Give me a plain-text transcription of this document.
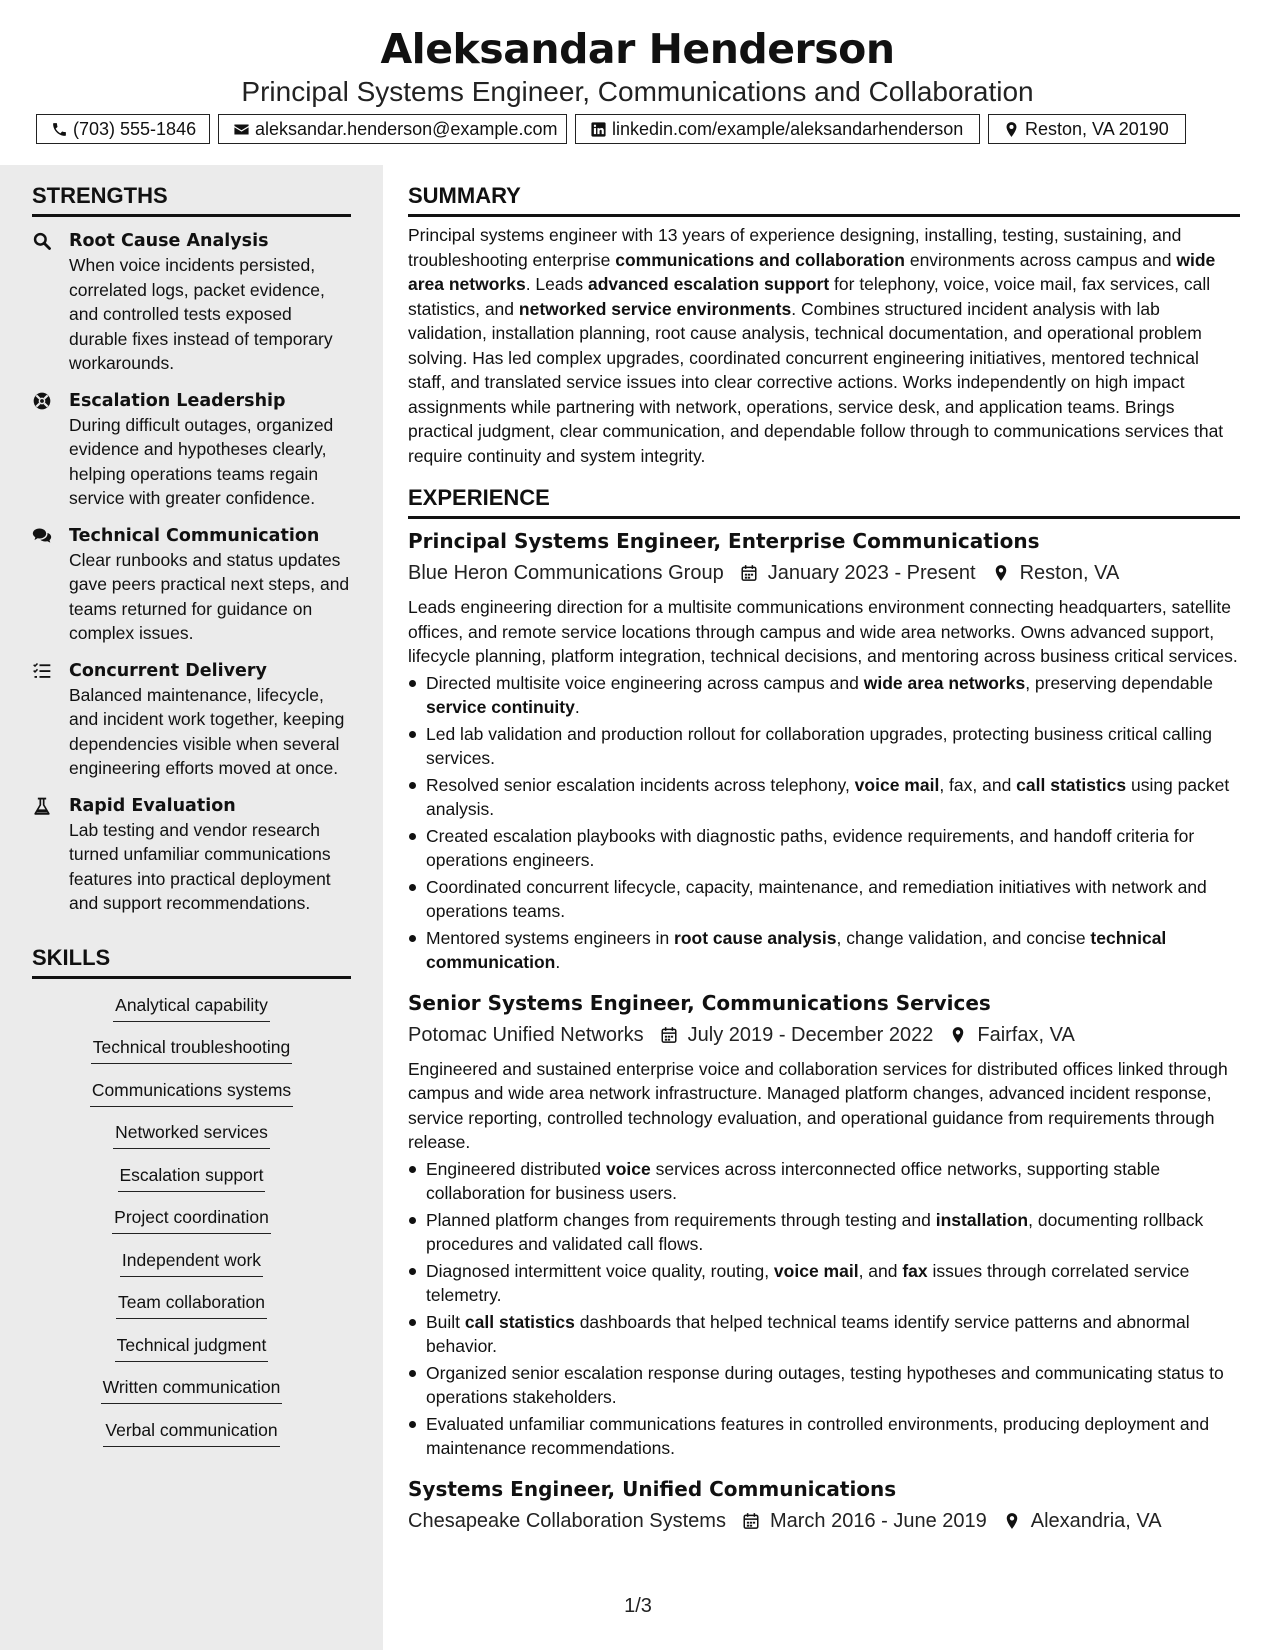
Aleksandar Henderson
Principal Systems Engineer, Communications and Collaboration
(703) 555-1846	aleksandar.henderson@example.com	linkedin.com/example/aleksandarhenderson	Reston, VA 20190
STRENGTHS
Root Cause Analysis
When voice incidents persisted, correlated logs, packet evidence, and controlled tests exposed durable fixes instead of temporary workarounds.
Escalation Leadership
During difficult outages, organized evidence and hypotheses clearly, helping operations teams regain service with greater confidence.
Technical Communication
Clear runbooks and status updates gave peers practical next steps, and teams returned for guidance on complex issues.
Concurrent Delivery
Balanced maintenance, lifecycle, and incident work together, keeping dependencies visible when several engineering efforts moved at once.
Rapid Evaluation
Lab testing and vendor research turned unfamiliar communications features into practical deployment and support recommendations.
SKILLS
Analytical capability
Technical troubleshooting
Communications systems
Networked services
Escalation support
Project coordination
Independent work
Team collaboration
Technical judgment
Written communication
Verbal communication
SUMMARY
Principal systems engineer with 13 years of experience designing, installing, testing, sustaining, and troubleshooting enterprise communications and collaboration environments across campus and wide area networks. Leads advanced escalation support for telephony, voice, voice mail, fax services, call statistics, and networked service environments. Combines structured incident analysis with lab validation, installation planning, root cause analysis, technical documentation, and operational problem solving. Has led complex upgrades, coordinated concurrent engineering initiatives, mentored technical staff, and translated service issues into clear corrective actions. Works independently on high impact assignments while partnering with network, operations, service desk, and application teams. Brings practical judgment, clear communication, and dependable follow through to communications services that require continuity and system integrity.
EXPERIENCE
Principal Systems Engineer, Enterprise Communications
Blue Heron Communications Group January 2023 - Present Reston, VA
Leads engineering direction for a multisite communications environment connecting headquarters, satellite offices, and remote service locations through campus and wide area networks. Owns advanced support, lifecycle planning, platform integration, technical decisions, and mentoring across business critical services.
Directed multisite voice engineering across campus and wide area networks, preserving dependable service continuity.
Led lab validation and production rollout for collaboration upgrades, protecting business critical calling services.
Resolved senior escalation incidents across telephony, voice mail, fax, and call statistics using packet analysis.
Created escalation playbooks with diagnostic paths, evidence requirements, and handoff criteria for operations engineers.
Coordinated concurrent lifecycle, capacity, maintenance, and remediation initiatives with network and operations teams.
Mentored systems engineers in root cause analysis, change validation, and concise technical communication.
Senior Systems Engineer, Communications Services
Potomac Unified Networks July 2019 - December 2022 Fairfax, VA
Engineered and sustained enterprise voice and collaboration services for distributed offices linked through campus and wide area network infrastructure. Managed platform changes, advanced incident response, service reporting, controlled technology evaluation, and operational guidance from requirements through release.
Engineered distributed voice services across interconnected office networks, supporting stable collaboration for business users.
Planned platform changes from requirements through testing and installation, documenting rollback procedures and validated call flows.
Diagnosed intermittent voice quality, routing, voice mail, and fax issues through correlated service telemetry.
Built call statistics dashboards that helped technical teams identify service patterns and abnormal behavior.
Organized senior escalation response during outages, testing hypotheses and communicating status to operations stakeholders.
Evaluated unfamiliar communications features in controlled environments, producing deployment and maintenance recommendations.
Systems Engineer, Unified Communications
Chesapeake Collaboration Systems March 2016 - June 2019 Alexandria, VA
1/3
